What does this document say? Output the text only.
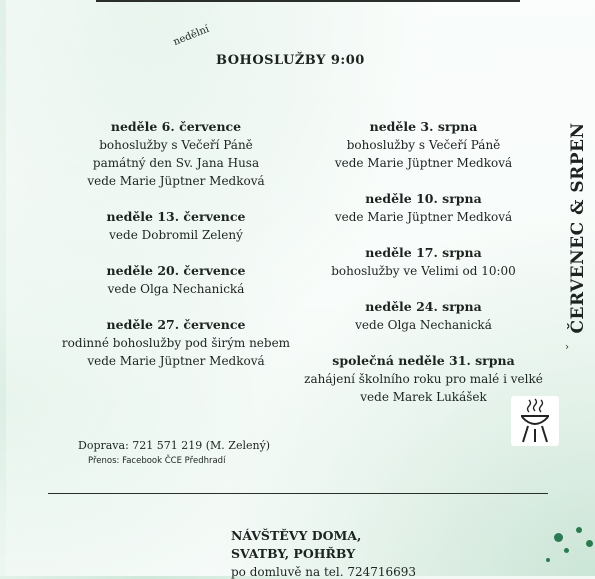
nedělní
BOHOSLUŽBY 9:00
neděle 6. července
bohoslužby s Večeří Páně
památný den Sv. Jana Husa
vede Marie Jüptner Medková
neděle 13. července
vede Dobromil Zelený
neděle 20. července
vede Olga Nechanická
neděle 27. července
rodinné bohoslužby pod širým nebem
vede Marie Jüptner Medková
neděle 3. srpna
bohoslužby s Večeří Páně
vede Marie Jüptner Medková
neděle 10. srpna
vede Marie Jüptner Medková
neděle 17. srpna
bohoslužby ve Velimi od 10:00
neděle 24. srpna
vede Olga Nechanická
společná neděle 31. srpna
zahájení školního roku pro malé i velké
vede Marek Lukášek
ČERVENEC & SRPEN
›
Doprava: 721 571 219 (M. Zelený)
Přenos: Facebook ČCE Předhradí
NÁVŠTĚVY DOMA,
SVATBY, POHŘBY
po domluvě na tel. 724716693
